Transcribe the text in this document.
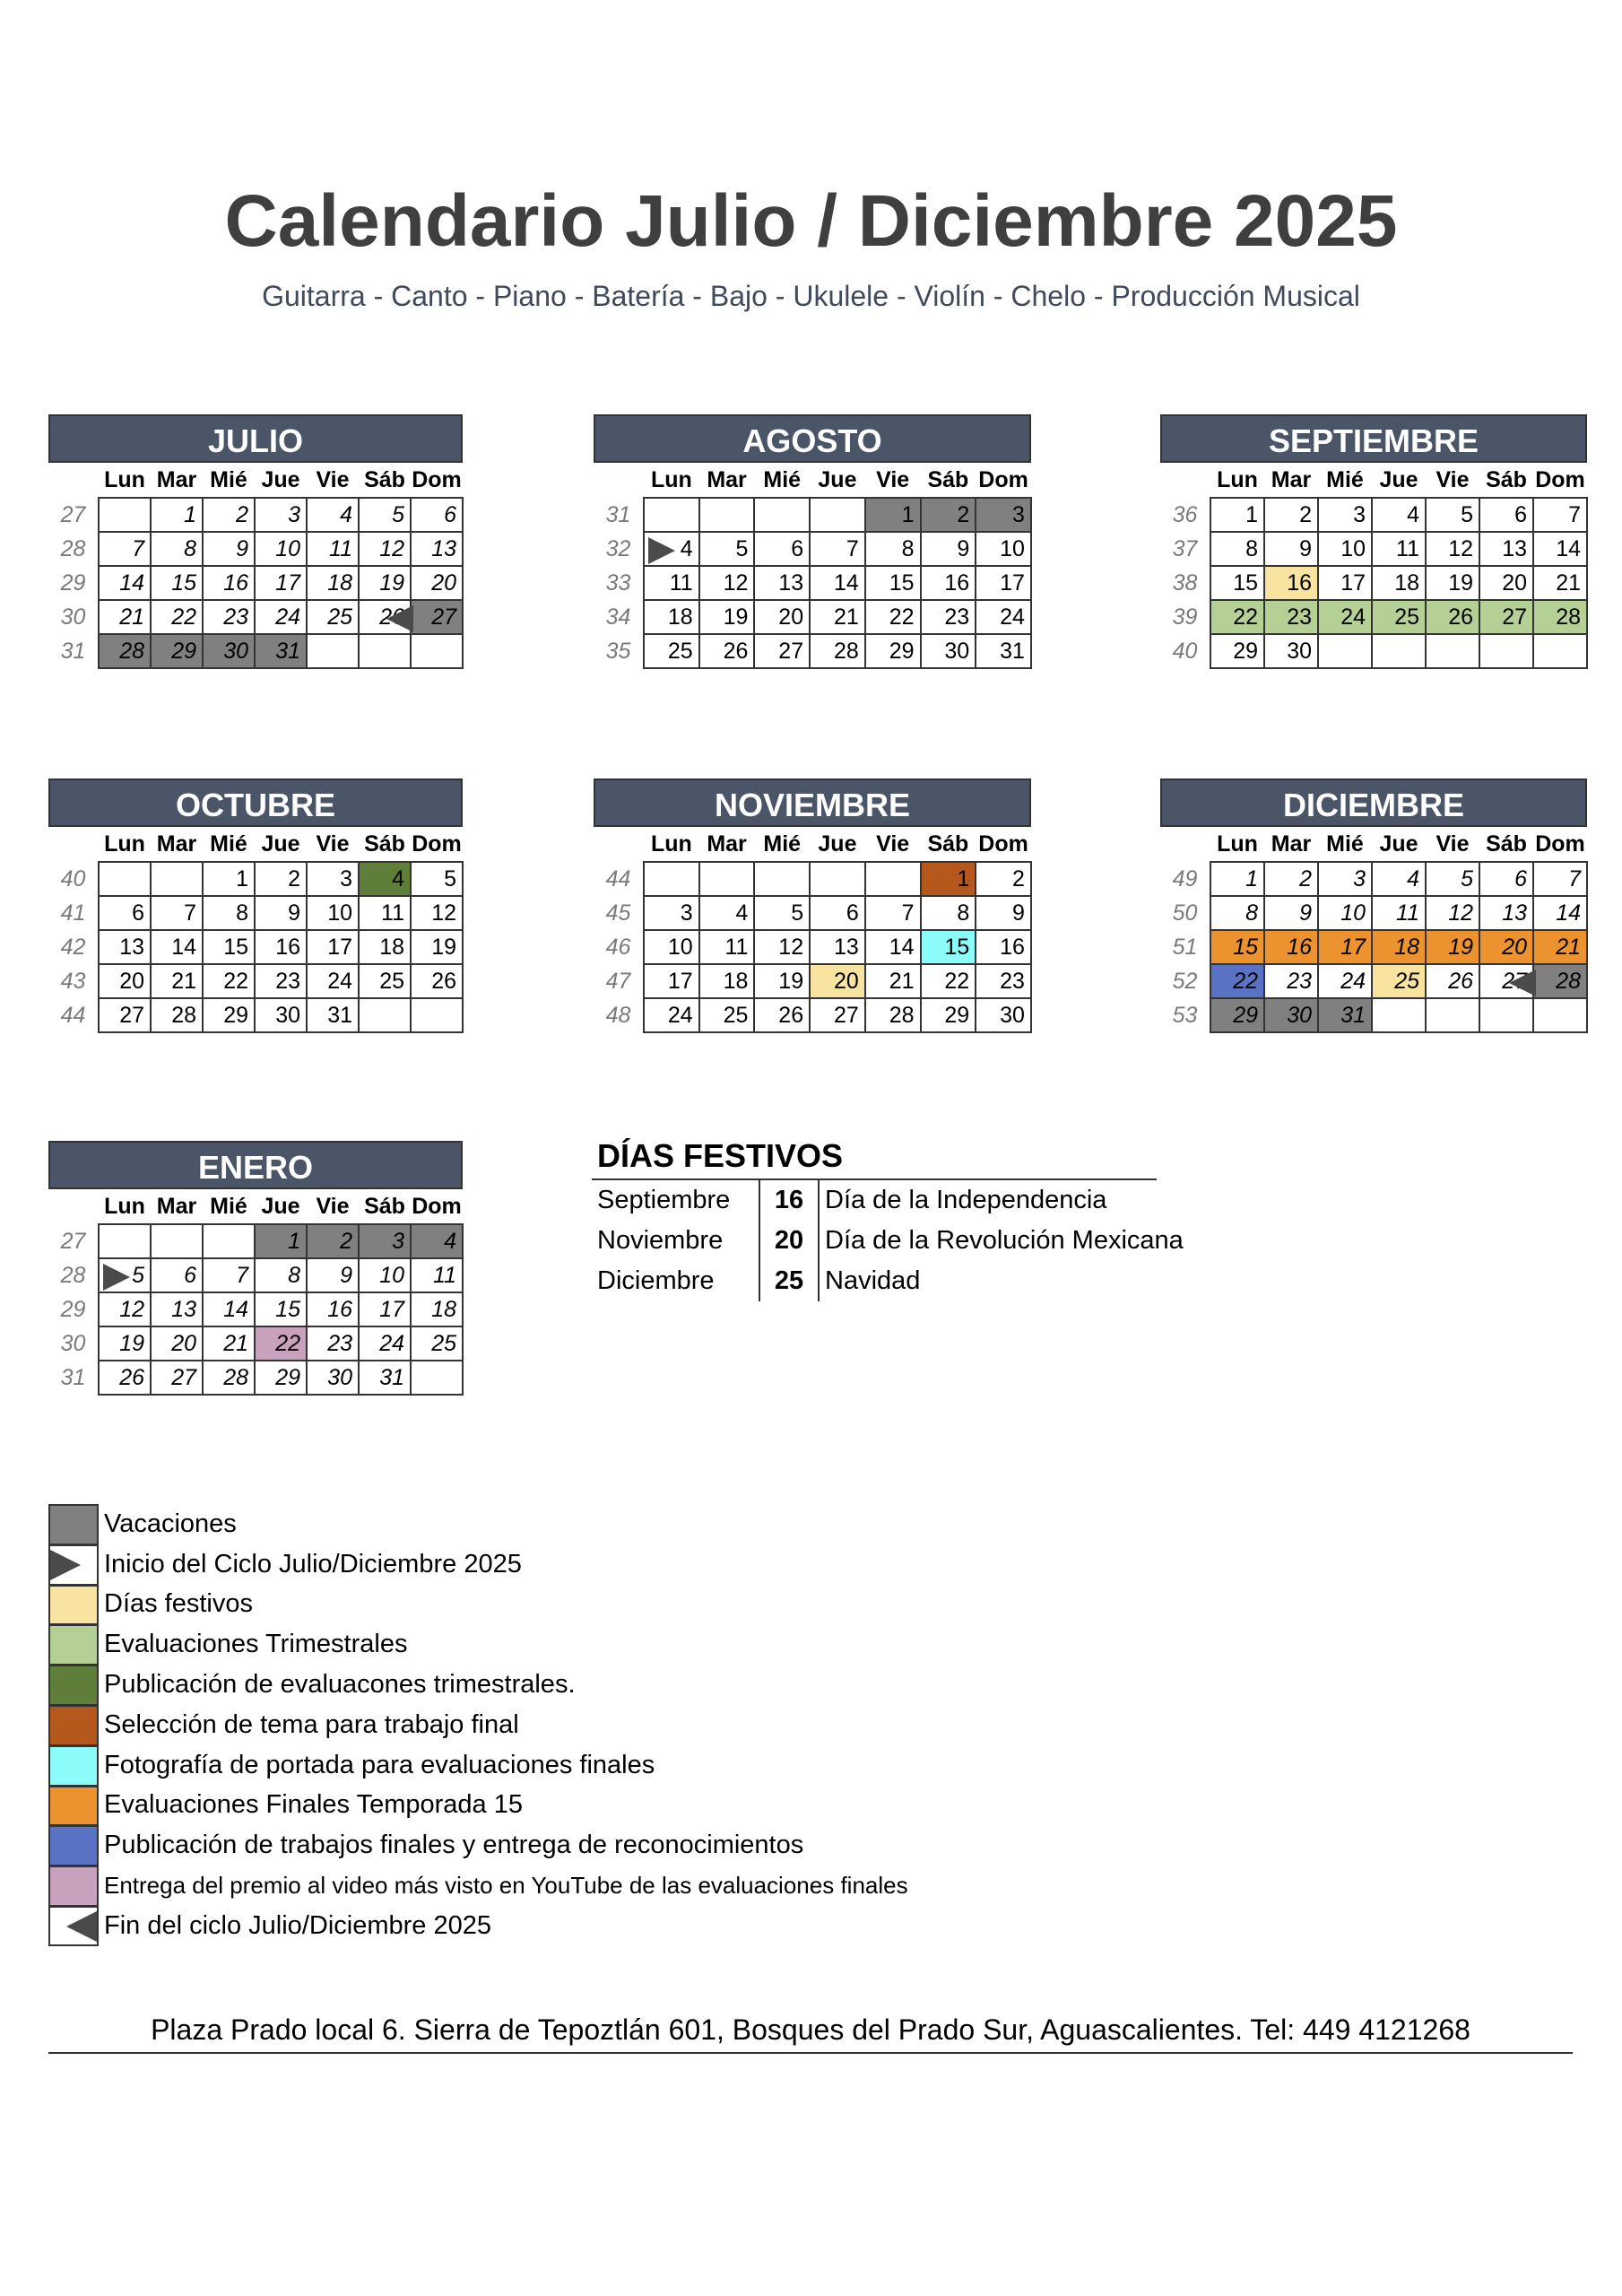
Calendario Julio / Diciembre 2025
Guitarra - Canto - Piano - Batería - Bajo - Ukulele - Violín - Chelo - Producción Musical
JULIO
	Lun	Mar	Mié	Jue	Vie	Sáb	Dom
27		1	2	3	4	5	6
28	7	8	9	10	11	12	13
29	14	15	16	17	18	19	20
30	21	22	23	24	25	26	27
31	28	29	30	31			
AGOSTO
	Lun	Mar	Mié	Jue	Vie	Sáb	Dom
31					1	2	3
32	4	5	6	7	8	9	10
33	11	12	13	14	15	16	17
34	18	19	20	21	22	23	24
35	25	26	27	28	29	30	31
SEPTIEMBRE
	Lun	Mar	Mié	Jue	Vie	Sáb	Dom
36	1	2	3	4	5	6	7
37	8	9	10	11	12	13	14
38	15	16	17	18	19	20	21
39	22	23	24	25	26	27	28
40	29	30					
OCTUBRE
	Lun	Mar	Mié	Jue	Vie	Sáb	Dom
40			1	2	3	4	5
41	6	7	8	9	10	11	12
42	13	14	15	16	17	18	19
43	20	21	22	23	24	25	26
44	27	28	29	30	31		
NOVIEMBRE
	Lun	Mar	Mié	Jue	Vie	Sáb	Dom
44						1	2
45	3	4	5	6	7	8	9
46	10	11	12	13	14	15	16
47	17	18	19	20	21	22	23
48	24	25	26	27	28	29	30
DICIEMBRE
	Lun	Mar	Mié	Jue	Vie	Sáb	Dom
49	1	2	3	4	5	6	7
50	8	9	10	11	12	13	14
51	15	16	17	18	19	20	21
52	22	23	24	25	26	27	28
53	29	30	31				
ENERO
	Lun	Mar	Mié	Jue	Vie	Sáb	Dom
27				1	2	3	4
28	5	6	7	8	9	10	11
29	12	13	14	15	16	17	18
30	19	20	21	22	23	24	25
31	26	27	28	29	30	31	
DÍAS FESTIVOS
Septiembre	16 Día de la Independencia
Noviembre	20 Día de la Revolución Mexicana
Diciembre	25 Navidad
Vacaciones
Inicio del Ciclo Julio/Diciembre 2025
Días festivos
Evaluaciones Trimestrales
Publicación de evaluacones trimestrales.
Selección de tema para trabajo final
Fotografía de portada para evaluaciones finales
Evaluaciones Finales Temporada 15
Publicación de trabajos finales y entrega de reconocimientos
Entrega del premio al video más visto en YouTube de las evaluaciones finales
Fin del ciclo Julio/Diciembre 2025
Plaza Prado local 6. Sierra de Tepoztlán 601, Bosques del Prado Sur, Aguascalientes. Tel: 449 4121268
